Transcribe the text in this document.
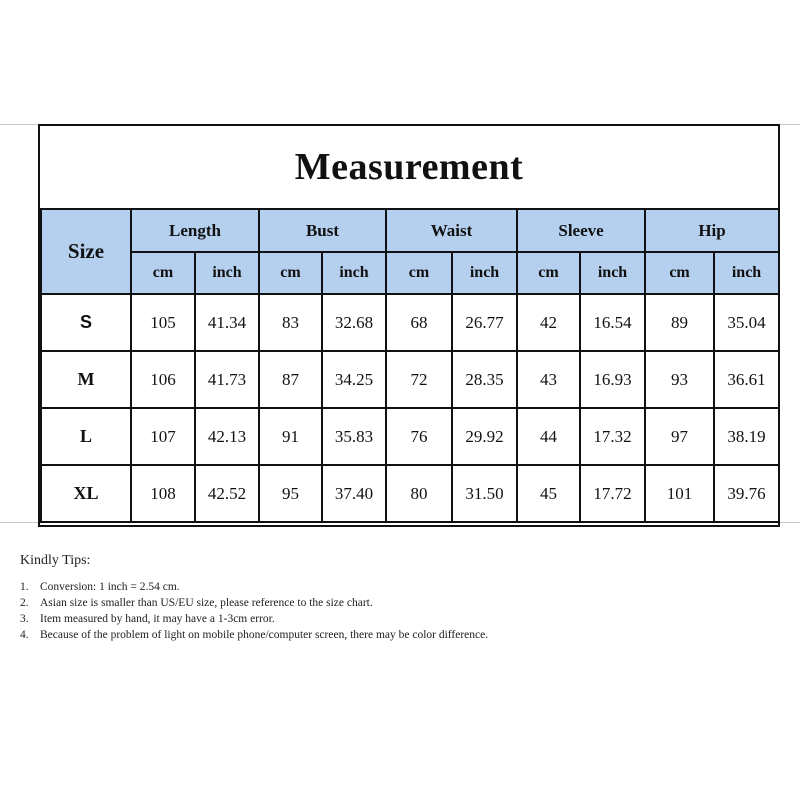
Measurement
Size	Length		Bust		Waist		Sleeve		Hip	
	cm	inch	cm	inch	cm	inch	cm	inch	cm	inch
S	105	41.34	83	32.68	68	26.77	42	16.54	89	35.04
M	106	41.73	87	34.25	72	28.35	43	16.93	93	36.61
L	107	42.13	91	35.83	76	29.92	44	17.32	97	38.19
XL	108	42.52	95	37.40	80	31.50	45	17.72	101	39.76
Kindly Tips:
1. Conversion: 1 inch = 2.54 cm.
2. Asian size is smaller than US/EU size, please reference to the size chart.
3. Item measured by hand, it may have a 1-3cm error.
4. Because of the problem of light on mobile phone/computer screen, there may be color difference.
